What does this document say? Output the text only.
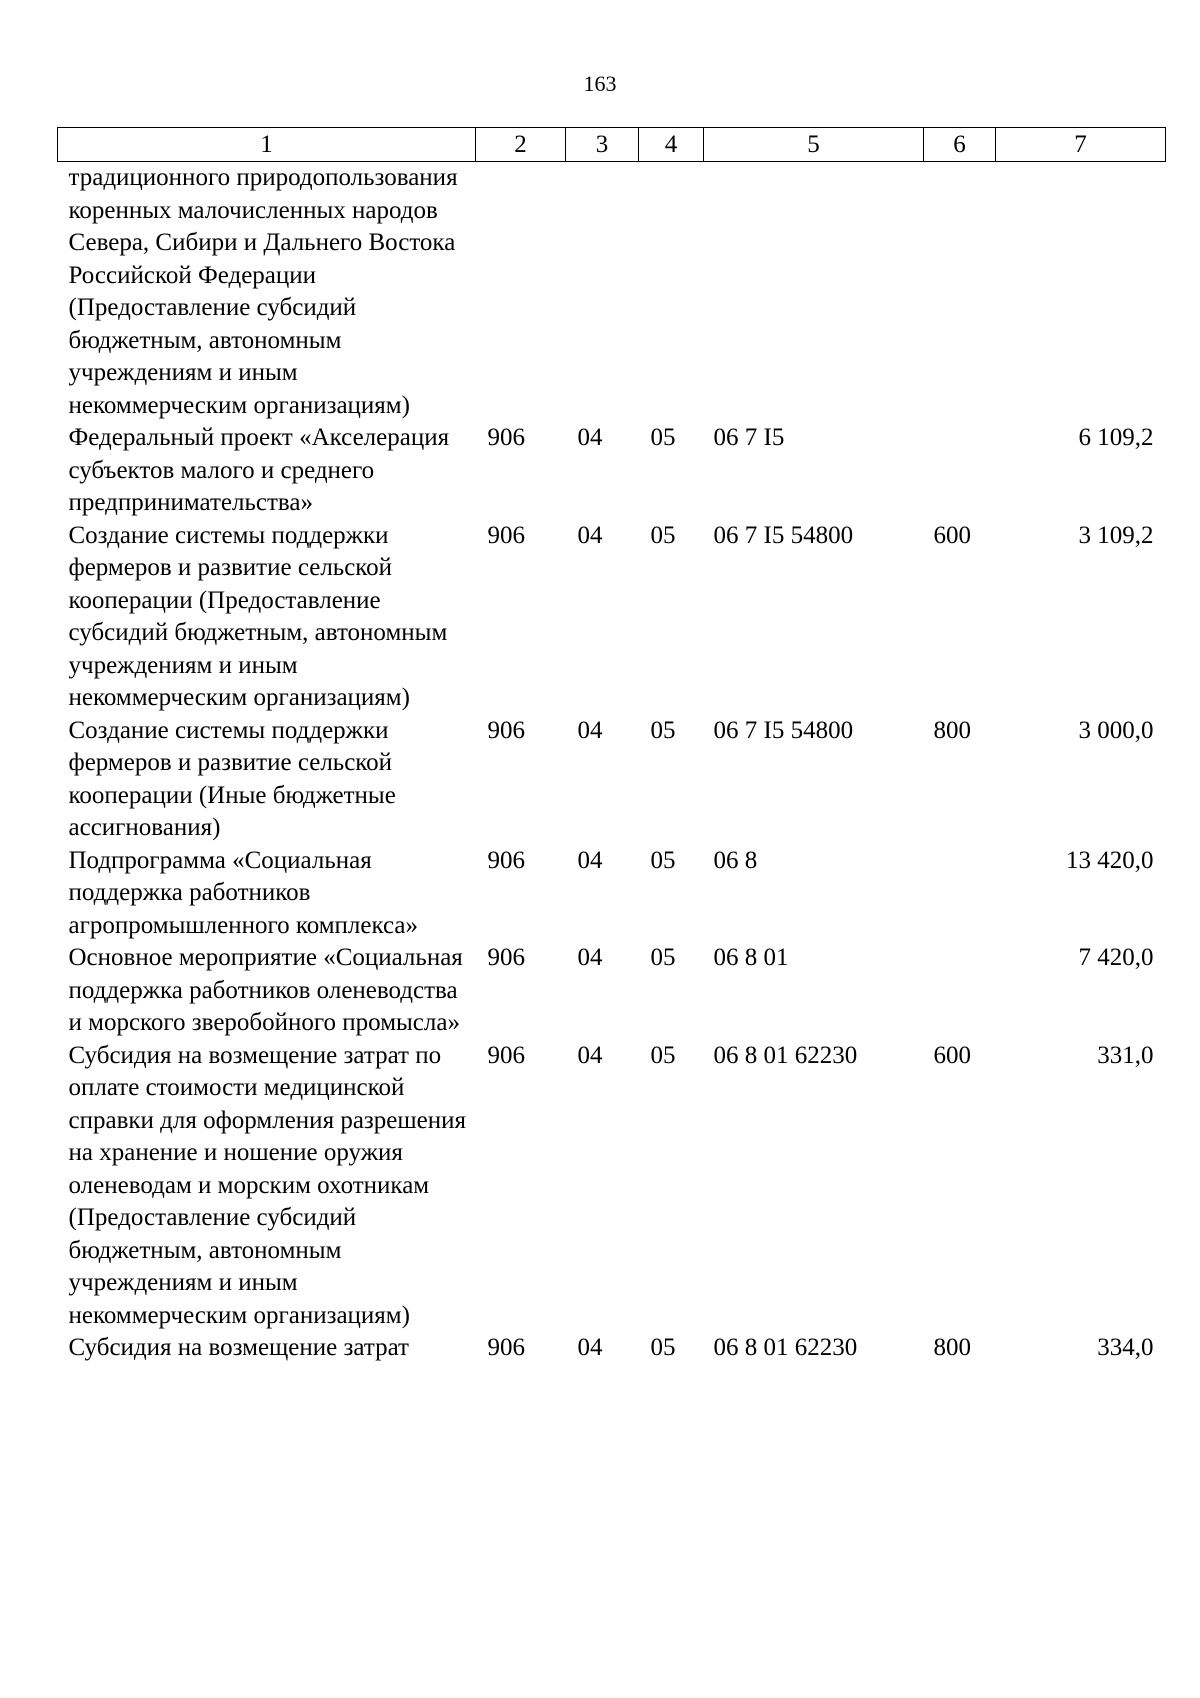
163
1	2	3	4	5	6	7
традиционного природопользования коренных малочисленных народов Севера, Сибири и Дальнего Востока Российской Федерации (Предоставление субсидий бюджетным, автономным учреждениям и иным некоммерческим организациям)						
Федеральный проект «Акселерация субъектов малого и среднего предпринимательства»	906	04	05	06 7 I5		6 109,2
Создание системы поддержки фермеров и развитие сельской кооперации (Предоставление субсидий бюджетным, автономным учреждениям и иным некоммерческим организациям)	906	04	05	06 7 I5 54800	600	3 109,2
Создание системы поддержки фермеров и развитие сельской кооперации (Иные бюджетные ассигнования)	906	04	05	06 7 I5 54800	800	3 000,0
Подпрограмма «Социальная поддержка работников агропромышленного комплекса»	906	04	05	06 8		13 420,0
Основное мероприятие «Социальная поддержка работников оленеводства и морского зверобойного промысла»	906	04	05	06 8 01		7 420,0
Субсидия на возмещение затрат по оплате стоимости медицинской справки для оформления разрешения на хранение и ношение оружия оленеводам и морским охотникам (Предоставление субсидий бюджетным, автономным учреждениям и иным некоммерческим организациям)	906	04	05	06 8 01 62230	600	331,0
Субсидия на возмещение затрат	906	04	05	06 8 01 62230	800	334,0
